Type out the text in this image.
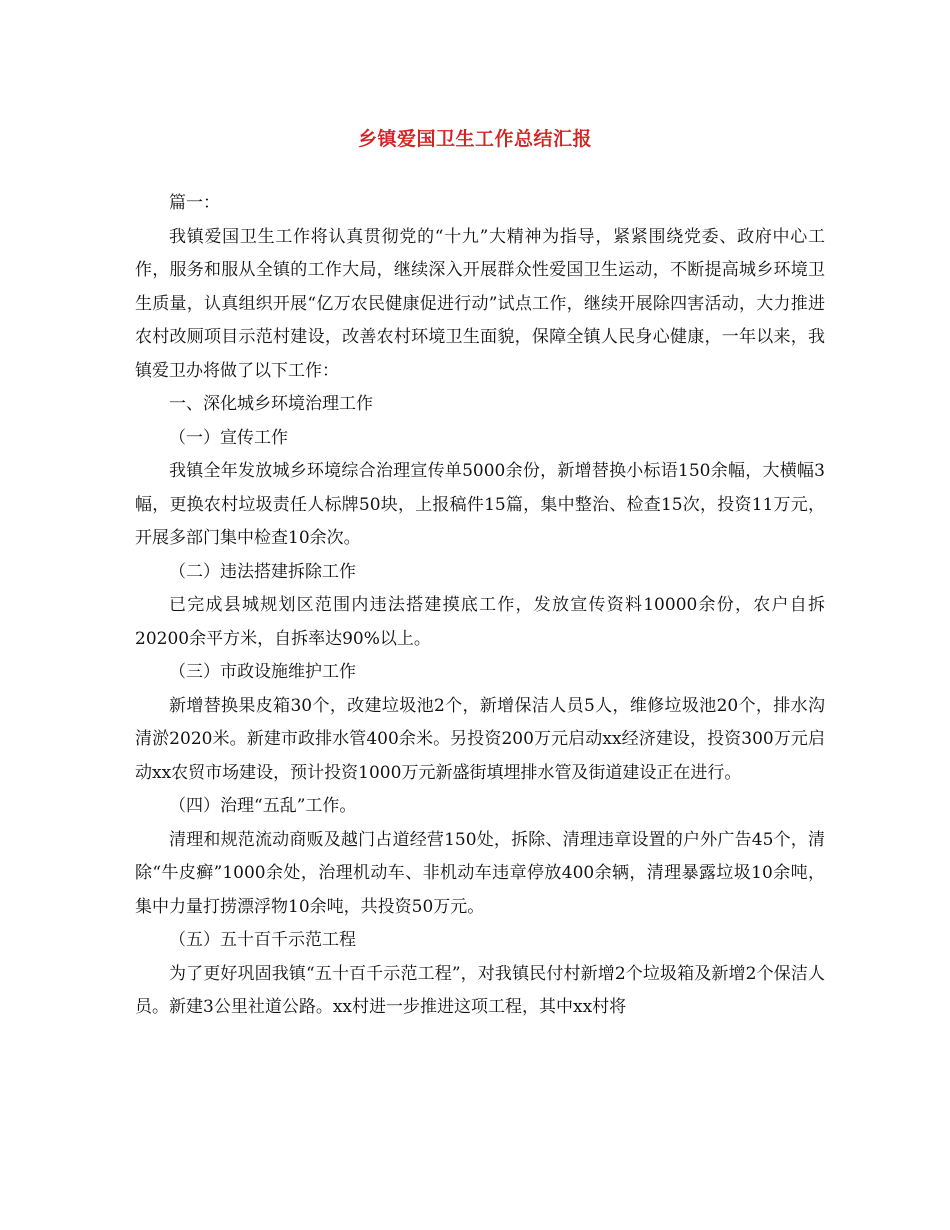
乡镇爱国卫生工作总结汇报

篇一：

我镇爱国卫生工作将认真贯彻党的“十九”大精神为指导，紧紧围绕党委、政府中心工作，服务和服从全镇的工作大局，继续深入开展群众性爱国卫生运动，不断提高城乡环境卫生质量，认真组织开展“亿万农民健康促进行动”试点工作，继续开展除四害活动，大力推进农村改厕项目示范村建设，改善农村环境卫生面貌，保障全镇人民身心健康，一年以来，我镇爱卫办将做了以下工作：

一、深化城乡环境治理工作

（一）宣传工作

我镇全年发放城乡环境综合治理宣传单5000余份，新增替换小标语150余幅，大横幅3幅，更换农村垃圾责任人标牌50块，上报稿件15篇，集中整治、检查15次，投资11万元，开展多部门集中检查10余次。

（二）违法搭建拆除工作

已完成县城规划区范围内违法搭建摸底工作，发放宣传资料10000余份，农户自拆20200余平方米，自拆率达90%以上。

（三）市政设施维护工作

新增替换果皮箱30个，改建垃圾池2个，新增保洁人员5人，维修垃圾池20个，排水沟清淤2020米。新建市政排水管400余米。另投资200万元启动xx经济建设，投资300万元启动xx农贸市场建设，预计投资1000万元新盛街填埋排水管及街道建设正在进行。

（四）治理“五乱”工作。

清理和规范流动商贩及越门占道经营150处，拆除、清理违章设置的户外广告45个，清除“牛皮癣”1000余处，治理机动车、非机动车违章停放400余辆，清理暴露垃圾10余吨，集中力量打捞漂浮物10余吨，共投资50万元。

（五）五十百千示范工程

为了更好巩固我镇“五十百千示范工程”，对我镇民付村新增2个垃圾箱及新增2个保洁人员。新建3公里社道公路。xx村进一步推进这项工程，其中xx村将
